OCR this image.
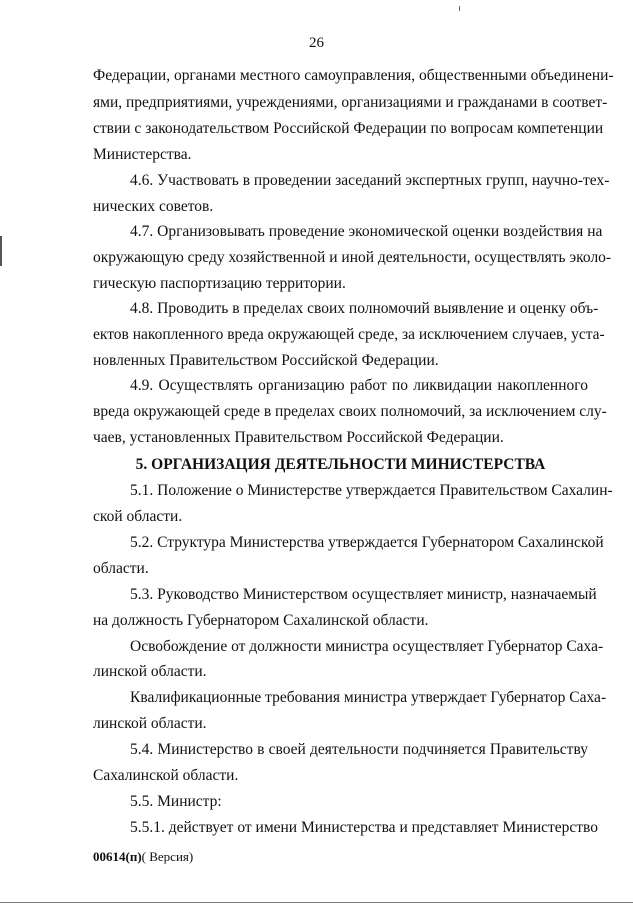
26
Федерации, органами местного самоуправления, общественными объединени-
ями, предприятиями, учреждениями, организациями и гражданами в соответ-
ствии с законодательством Российской Федерации по вопросам компетенции
Министерства.
4.6. Участвовать в проведении заседаний экспертных групп, научно-тех-
нических советов.
4.7. Организовывать проведение экономической оценки воздействия на
окружающую среду хозяйственной и иной деятельности, осуществлять эколо-
гическую паспортизацию территории.
4.8. Проводить в пределах своих полномочий выявление и оценку объ-
ектов накопленного вреда окружающей среде, за исключением случаев, уста-
новленных Правительством Российской Федерации.
4.9. Осуществлять организацию работ по ликвидации накопленного
вреда окружающей среде в пределах своих полномочий, за исключением слу-
чаев, установленных Правительством Российской Федерации.
5. ОРГАНИЗАЦИЯ ДЕЯТЕЛЬНОСТИ МИНИСТЕРСТВА
5.1. Положение о Министерстве утверждается Правительством Сахалин-
ской области.
5.2. Структура Министерства утверждается Губернатором Сахалинской
области.
5.3. Руководство Министерством осуществляет министр, назначаемый
на должность Губернатором Сахалинской области.
Освобождение от должности министра осуществляет Губернатор Саха-
линской области.
Квалификационные требования министра утверждает Губернатор Саха-
линской области.
5.4. Министерство в своей деятельности подчиняется Правительству
Сахалинской области.
5.5. Министр:
5.5.1. действует от имени Министерства и представляет Министерство
00614(п)( Версия)
